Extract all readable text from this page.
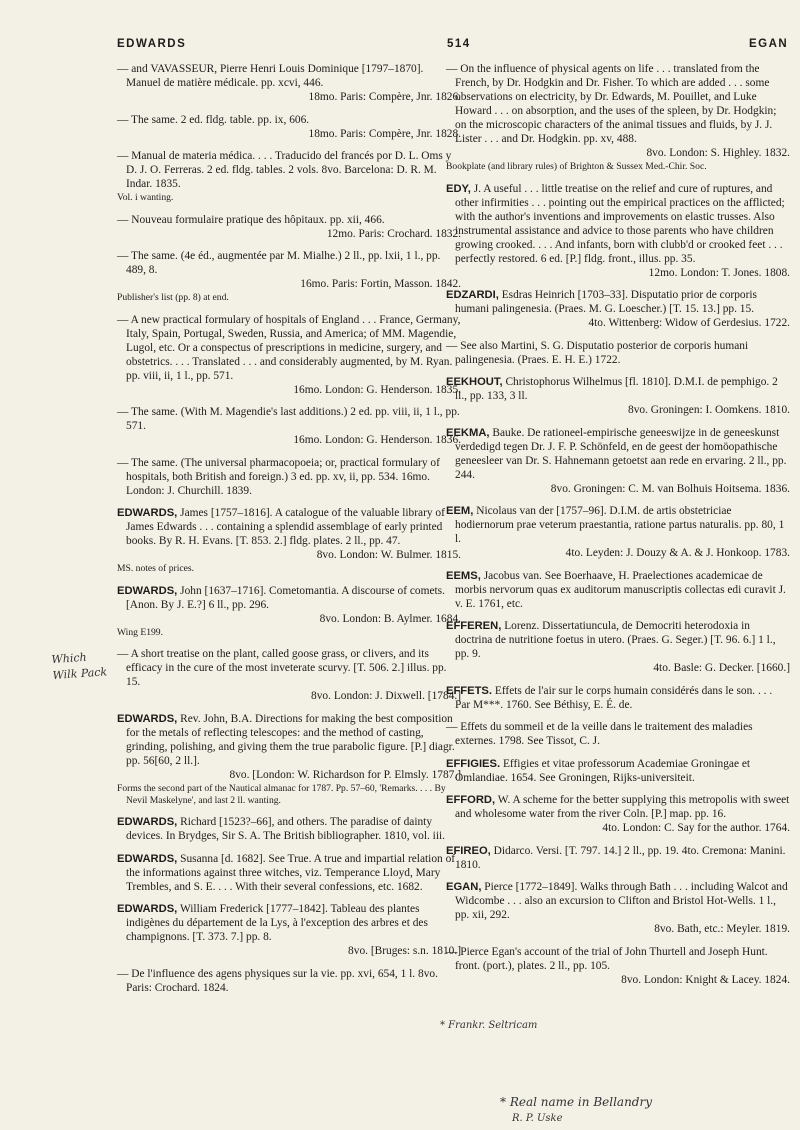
EDWARDS	514	EGAN

— and VAVASSEUR, Pierre Henri Louis Dominique [1797–1870]. Manuel de matière médicale. pp. xcvi, 446.

18mo. Paris: Compère, Jnr. 1826.

— The same. 2 ed. fldg. table. pp. ix, 606.

18mo. Paris: Compère, Jnr. 1828.

— Manual de materia médica. . . . Traducido del francés por D. L. Oms y D. J. O. Ferreras. 2 ed. fldg. tables. 2 vols. 8vo. Barcelona: D. R. M. Indar. 1835.

Vol. i wanting.

— Nouveau formulaire pratique des hôpitaux. pp. xii, 466.

12mo. Paris: Crochard. 1832.

— The same. (4e éd., augmentée par M. Mialhe.) 2 ll., pp. lxii, 1 l., pp. 489, 8.

16mo. Paris: Fortin, Masson. 1842.

Publisher's list (pp. 8) at end.

— A new practical formulary of hospitals of England . . . France, Germany, Italy, Spain, Portugal, Sweden, Russia, and America; of MM. Magendie, Lugol, etc. Or a conspectus of prescriptions in medicine, surgery, and obstetrics. . . . Translated . . . and considerably augmented, by M. Ryan. pp. viii, ii, 1 l., pp. 571.

16mo. London: G. Henderson. 1835.

— The same. (With M. Magendie's last additions.) 2 ed. pp. viii, ii, 1 l., pp. 571.

16mo. London: G. Henderson. 1836.

— The same. (The universal pharmacopoeia; or, practical formulary of hospitals, both British and foreign.) 3 ed. pp. xv, ii, pp. 534. 16mo. London: J. Churchill. 1839.

EDWARDS, James [1757–1816]. A catalogue of the valuable library of James Edwards . . . containing a splendid assemblage of early printed books. By R. H. Evans. [T. 853. 2.] fldg. plates. 2 ll., pp. 47.

8vo. London: W. Bulmer. 1815.

MS. notes of prices.

EDWARDS, John [1637–1716]. Cometomantia. A discourse of comets. [Anon. By J. E.?] 6 ll., pp. 296.

8vo. London: B. Aylmer. 1684.

Wing E199.

— A short treatise on the plant, called goose grass, or clivers, and its efficacy in the cure of the most inveterate scurvy. [T. 506. 2.] illus. pp. 15.

8vo. London: J. Dixwell. [1784.]

EDWARDS, Rev. John, B.A. Directions for making the best composition for the metals of reflecting telescopes: and the method of casting, grinding, polishing, and giving them the true parabolic figure. [P.] diagr. pp. 56[60, 2 ll.].

8vo. [London: W. Richardson for P. Elmsly. 1787.]

Forms the second part of the Nautical almanac for 1787. Pp. 57–60, 'Remarks. . . . By Nevil Maskelyne', and last 2 ll. wanting.

EDWARDS, Richard [1523?–66], and others. The paradise of dainty devices. In Brydges, Sir S. A. The British bibliographer. 1810, vol. iii.

EDWARDS, Susanna [d. 1682]. See True. A true and impartial relation of the informations against three witches, viz. Temperance Lloyd, Mary Trembles, and S. E. . . . With their several confessions, etc. 1682.

EDWARDS, William Frederick [1777–1842]. Tableau des plantes indigènes du département de la Lys, à l'exception des arbres et des champignons. [T. 373. 7.] pp. 8.

8vo. [Bruges: s.n. 1810.]

— De l'influence des agens physiques sur la vie. pp. xvi, 654, 1 l. 8vo. Paris: Crochard. 1824.

— On the influence of physical agents on life . . . translated from the French, by Dr. Hodgkin and Dr. Fisher. To which are added . . . some observations on electricity, by Dr. Edwards, M. Pouillet, and Luke Howard . . . on absorption, and the uses of the spleen, by Dr. Hodgkin; on the microscopic characters of the animal tissues and fluids, by J. J. Lister . . . and Dr. Hodgkin. pp. xv, 488.

8vo. London: S. Highley. 1832.

Bookplate (and library rules) of Brighton & Sussex Med.-Chir. Soc.

EDY, J. A useful . . . little treatise on the relief and cure of ruptures, and other infirmities . . . pointing out the empirical practices on the afflicted; with the author's inventions and improvements on elastic trusses. Also instrumental assistance and advice to those parents who have children growing crooked. . . . And infants, born with clubb'd or crooked feet . . . perfectly restored. 6 ed. [P.] fldg. front., illus. pp. 35.

12mo. London: T. Jones. 1808.

EDZARDI, Esdras Heinrich [1703–33]. Disputatio prior de corporis humani palingenesia. (Praes. M. G. Loescher.) [T. 15. 13.] pp. 15.

4to. Wittenberg: Widow of Gerdesius. 1722.

— See also Martini, S. G. Disputatio posterior de corporis humani palingenesia. (Praes. E. H. E.) 1722.

EEKHOUT, Christophorus Wilhelmus [fl. 1810]. D.M.I. de pemphigo. 2 ll., pp. 133, 3 ll.

8vo. Groningen: I. Oomkens. 1810.

EEKMA, Bauke. De rationeel-empirische geneeswijze in de geneeskunst verdedigd tegen Dr. J. F. P. Schönfeld, en de geest der homöopathische geneesleer van Dr. S. Hahnemann getoetst aan rede en ervaring. 2 ll., pp. 244.

8vo. Groningen: C. M. van Bolhuis Hoitsema. 1836.

EEM, Nicolaus van der [1757–96]. D.I.M. de artis obstetriciae hodiernorum prae veterum praestantia, ratione partus naturalis. pp. 80, 1 l.

4to. Leyden: J. Douzy & A. & J. Honkoop. 1783.

EEMS, Jacobus van. See Boerhaave, H. Praelectiones academicae de morbis nervorum quas ex auditorum manuscriptis collectas edi curavit J. v. E. 1761, etc.

EFFEREN, Lorenz. Dissertatiuncula, de Democriti heterodoxia in doctrina de nutritione foetus in utero. (Praes. G. Seger.) [T. 96. 6.] 1 l., pp. 9.

4to. Basle: G. Decker. [1660.]

EFFETS. Effets de l'air sur le corps humain considérés dans le son. . . . Par M***. 1760. See Béthisy, E. É. de.

— Effets du sommeil et de la veille dans le traitement des maladies externes. 1798. See Tissot, C. J.

EFFIGIES. Effigies et vitae professorum Academiae Groningae et Omlandiae. 1654. See Groningen, Rijks-universiteit.

EFFORD, W. A scheme for the better supplying this metropolis with sweet and wholesome water from the river Coln. [P.] map. pp. 16.

4to. London: C. Say for the author. 1764.

EFIREO, Didarco. Versi. [T. 797. 14.] 2 ll., pp. 19. 4to. Cremona: Manini. 1810.

EGAN, Pierce [1772–1849]. Walks through Bath . . . including Walcot and Widcombe . . . also an excursion to Clifton and Bristol Hot-Wells. 1 l., pp. xii, 292.

8vo. Bath, etc.: Meyler. 1819.

— Pierce Egan's account of the trial of John Thurtell and Joseph Hunt. front. (port.), plates. 2 ll., pp. 105.

8vo. London: Knight & Lacey. 1824.

Which Wilk Pack
* Frankr. Seltricam
* Real name in Bellandry
R. P. Uske
